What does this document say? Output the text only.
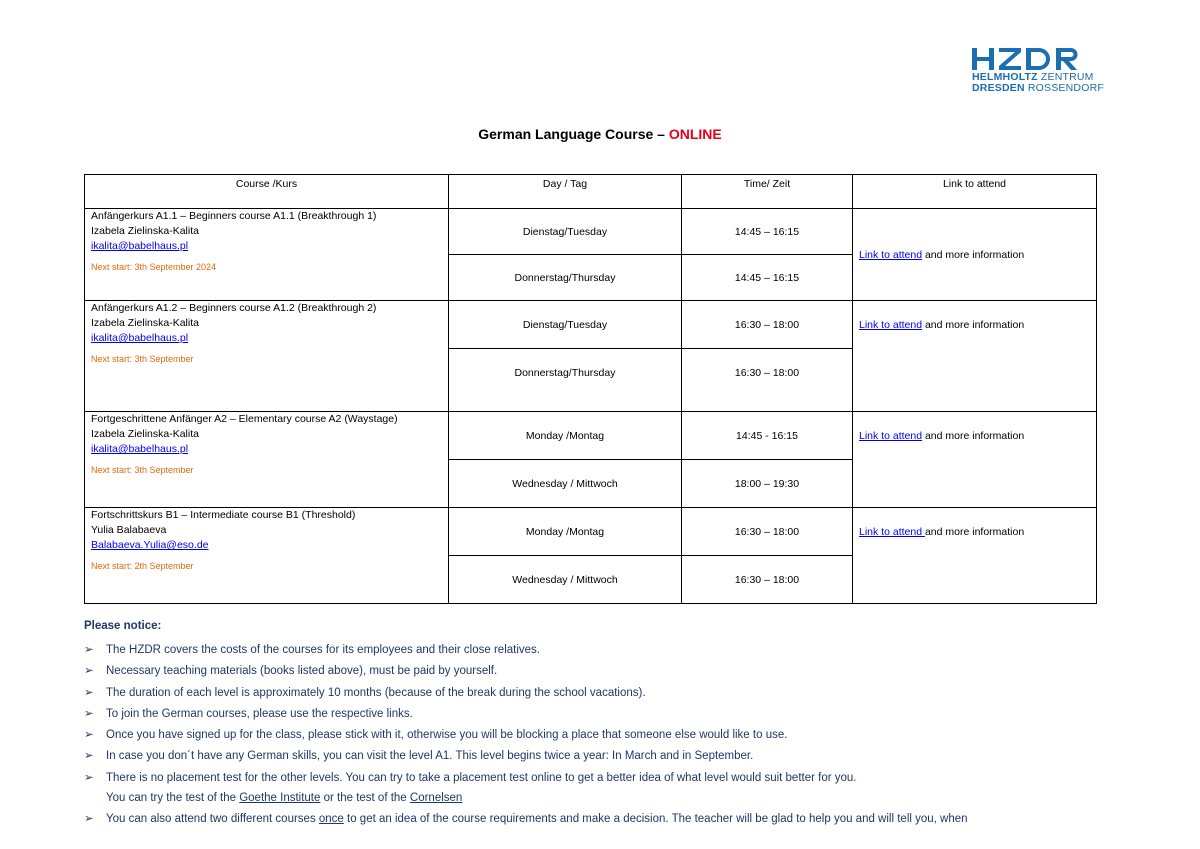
HELMHOLTZ ZENTRUM
DRESDEN ROSSENDORF
German Language Course – ONLINE
Course /Kurs	Day / Tag	Time/ Zeit	Link to attend
Anfängerkurs A1.1 – Beginners course A1.1 (Breakthrough 1)
Izabela Zielinska-Kalita
ikalita@babelhaus.pl
Next start: 3th September 2024	Dienstag/Tuesday	14:45 – 16:15	Link to attend and more information
	Donnerstag/Thursday	14:45 – 16:15	
Anfängerkurs A1.2 – Beginners course A1.2 (Breakthrough 2)
Izabela Zielinska-Kalita
ikalita@babelhaus.pl
Next start: 3th September	Dienstag/Tuesday	16:30 – 18:00	Link to attend and more information

	Donnerstag/Thursday	16:30 – 18:00	
Fortgeschrittene Anfänger A2 – Elementary course A2 (Waystage)
Izabela Zielinska-Kalita
ikalita@babelhaus.pl
Next start: 3th September	Monday /Montag	14:45 - 16:15	Link to attend and more information

	Wednesday / Mittwoch	18:00 – 19:30	
Fortschrittskurs B1 – Intermediate course B1 (Threshold)
Yulia Balabaeva
Balabaeva.Yulia@eso.de
Next start: 2th September	Monday /Montag	16:30 – 18:00	Link to attend and more information

	Wednesday / Mittwoch	16:30 – 18:00	
Please notice:
➢	The HZDR covers the costs of the courses for its employees and their close relatives.
➢	Necessary teaching materials (books listed above), must be paid by yourself.
➢	The duration of each level is approximately 10 months (because of the break during the school vacations).
➢	To join the German courses, please use the respective links.
➢	Once you have signed up for the class, please stick with it, otherwise you will be blocking a place that someone else would like to use.
➢	In case you don´t have any German skills, you can visit the level A1. This level begins twice a year: In March and in September.
➢	There is no placement test for the other levels. You can try to take a placement test online to get a better idea of what level would suit better for you.
You can try the test of the Goethe Institute or the test of the Cornelsen
➢	You can also attend two different courses once to get an idea of the course requirements and make a decision. The teacher will be glad to help you and will tell you, when
